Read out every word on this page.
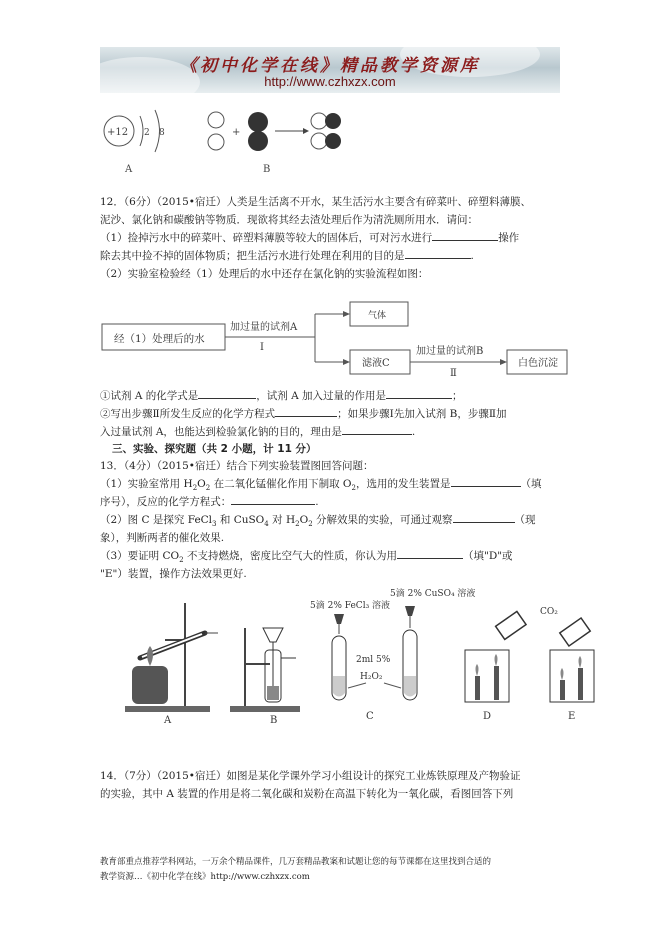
《初中化学在线》精品教学资源库
http://www.czhxzx.com
+12 2 8
A
+
B
12．（6分）（2015•宿迁）人类是生活离不开水，某生活污水主要含有碎菜叶、碎塑料薄膜、
泥沙、氯化钠和碳酸钠等物质．现欲将其经去渣处理后作为清洗厕所用水．请问：
（1）捡掉污水中的碎菜叶、碎塑料薄膜等较大的固体后，可对污水进行	操作
除去其中捡不掉的固体物质；把生活污水进行处理在利用的目的是	.
（2）实验室检验经（1）处理后的水中还存在氯化钠的实验流程如图：
经（1）处理后的水
加过量的试剂A
Ⅰ
气体
滤液C
加过量的试剂B
Ⅱ
白色沉淀
①试剂 A 的化学式是	，试剂 A 加入过量的作用是	；
②写出步骤Ⅱ所发生反应的化学方程式	；如果步骤Ⅰ先加入试剂 B，步骤Ⅱ加
入过量试剂 A，也能达到检验氯化钠的目的，理由是	.
三、实验、探究题（共 2 小题，计 11 分）
13．（4分）（2015•宿迁）结合下列实验装置图回答问题：
（1）实验室常用 $H_2O_2$ 在二氧化锰催化作用下制取 $O_2$，选用的发生装置是	（填
序号），反应的化学方程式：	.
（2）图 C 是探究 FeCl$_3$ 和 CuSO$_4$ 对 $H_2O_2$ 分解效果的实验，可通过观察	（现
象），判断两者的催化效果.
（3）要证明 $CO_2$ 不支持燃烧，密度比空气大的性质，你认为用	（填"D"或
"E"）装置，操作方法效果更好.
A	B
5滴 2% FeCl₃ 溶液
5滴 2% CuSO₄ 溶液
2ml 5%
H₂O₂
C	D
CO₂
E
14．（7分）（2015•宿迁）如图是某化学课外学习小组设计的探究工业炼铁原理及产物验证
的实验，其中 A 装置的作用是将二氧化碳和炭粉在高温下转化为一氧化碳，看图回答下列
教育部重点推荐学科网站，一万余个精品课件，几万套精品教案和试题让您的每节课都在这里找到合适的
教学资源…《初中化学在线》http://www.czhxzx.com
